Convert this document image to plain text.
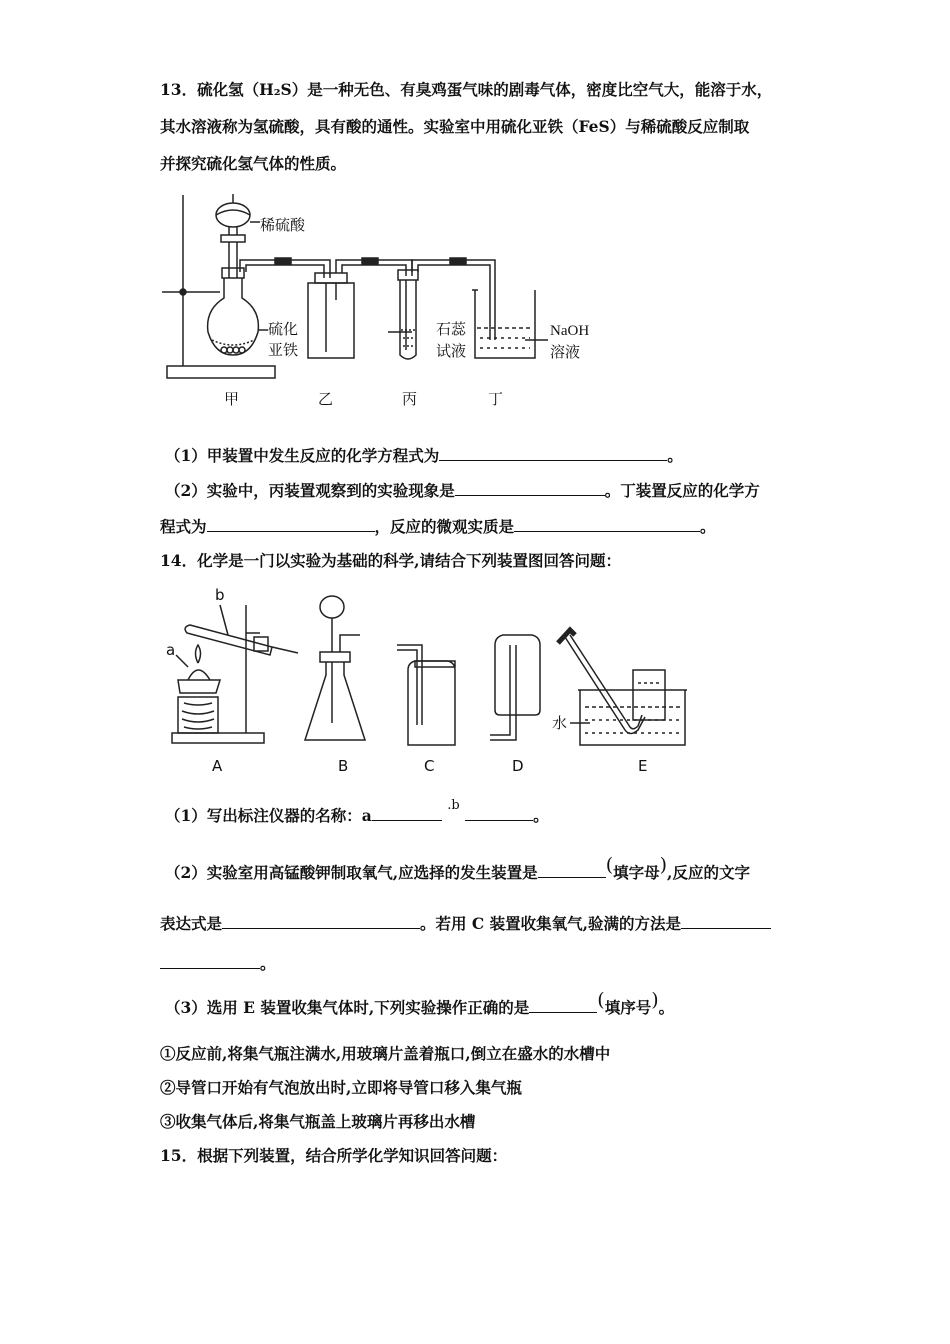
13．硫化氢（H₂S）是一种无色、有臭鸡蛋气味的剧毒气体，密度比空气大，能溶于水，
其水溶液称为氢硫酸，具有酸的通性。实验室中用硫化亚铁（FeS）与稀硫酸反应制取
并探究硫化氢气体的性质。
稀硫酸
硫化
亚铁
石蕊
试液
NaOH
溶液
甲	乙	丙	丁
（1）甲装置中发生反应的化学方程式为	。
（2）实验中，丙装置观察到的实验现象是	。丁装置反应的化学方
程式为	，反应的微观实质是	。
14．化学是一门以实验为基础的科学,请结合下列装置图回答问题：
b
a
水
A	B	C	D	E
（1）写出标注仪器的名称：a $^{.b}$ 。
（2）实验室用高锰酸钾制取氧气,应选择的发生装置是	(填字母),反应的文字
表达式是	。若用 C 装置收集氧气,验满的方法是
。
（3）选用 E 装置收集气体时,下列实验操作正确的是	(填序号)。
①反应前,将集气瓶注满水,用玻璃片盖着瓶口,倒立在盛水的水槽中
②导管口开始有气泡放出时,立即将导管口移入集气瓶
③收集气体后,将集气瓶盖上玻璃片再移出水槽
15．根据下列装置，结合所学化学知识回答问题：
